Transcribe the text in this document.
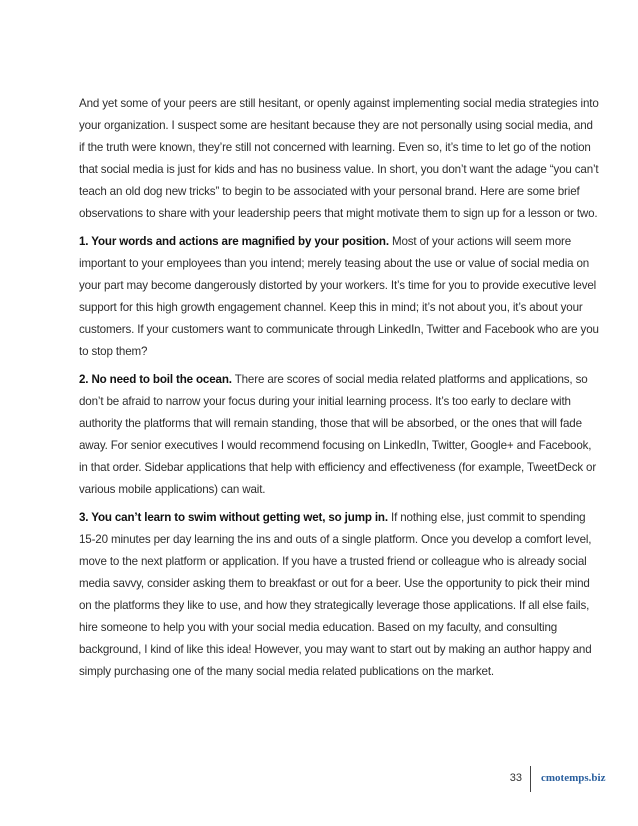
And yet some of your peers are still hesitant, or openly against implementing social media strategies into your organization. I suspect some are hesitant because they are not personally using social media, and if the truth were known, they’re still not concerned with learning. Even so, it’s time to let go of the notion that social media is just for kids and has no business value. In short, you don’t want the adage “you can’t teach an old dog new tricks” to begin to be associated with your personal brand. Here are some brief observations to share with your leadership peers that might motivate them to sign up for a lesson or two.

1. Your words and actions are magnified by your position. Most of your actions will seem more important to your employees than you intend; merely teasing about the use or value of social media on your part may become dangerously distorted by your workers. It’s time for you to provide executive level support for this high growth engagement channel. Keep this in mind; it’s not about you, it’s about your customers. If your customers want to communicate through LinkedIn, Twitter and Facebook who are you to stop them?

2. No need to boil the ocean. There are scores of social media related platforms and applications, so don’t be afraid to narrow your focus during your initial learning process. It’s too early to declare with authority the platforms that will remain standing, those that will be absorbed, or the ones that will fade away. For senior executives I would recommend focusing on LinkedIn, Twitter, Google+ and Facebook, in that order. Sidebar applications that help with efficiency and effectiveness (for example, TweetDeck or various mobile applications) can wait.

3. You can’t learn to swim without getting wet, so jump in. If nothing else, just commit to spending 15-20 minutes per day learning the ins and outs of a single platform. Once you develop a comfort level, move to the next platform or application. If you have a trusted friend or colleague who is already social media savvy, consider asking them to breakfast or out for a beer. Use the opportunity to pick their mind on the platforms they like to use, and how they strategically leverage those applications. If all else fails, hire someone to help you with your social media education. Based on my faculty, and consulting background, I kind of like this idea! However, you may want to start out by making an author happy and simply purchasing one of the many social media related publications on the market.

33 cmotemps.biz
